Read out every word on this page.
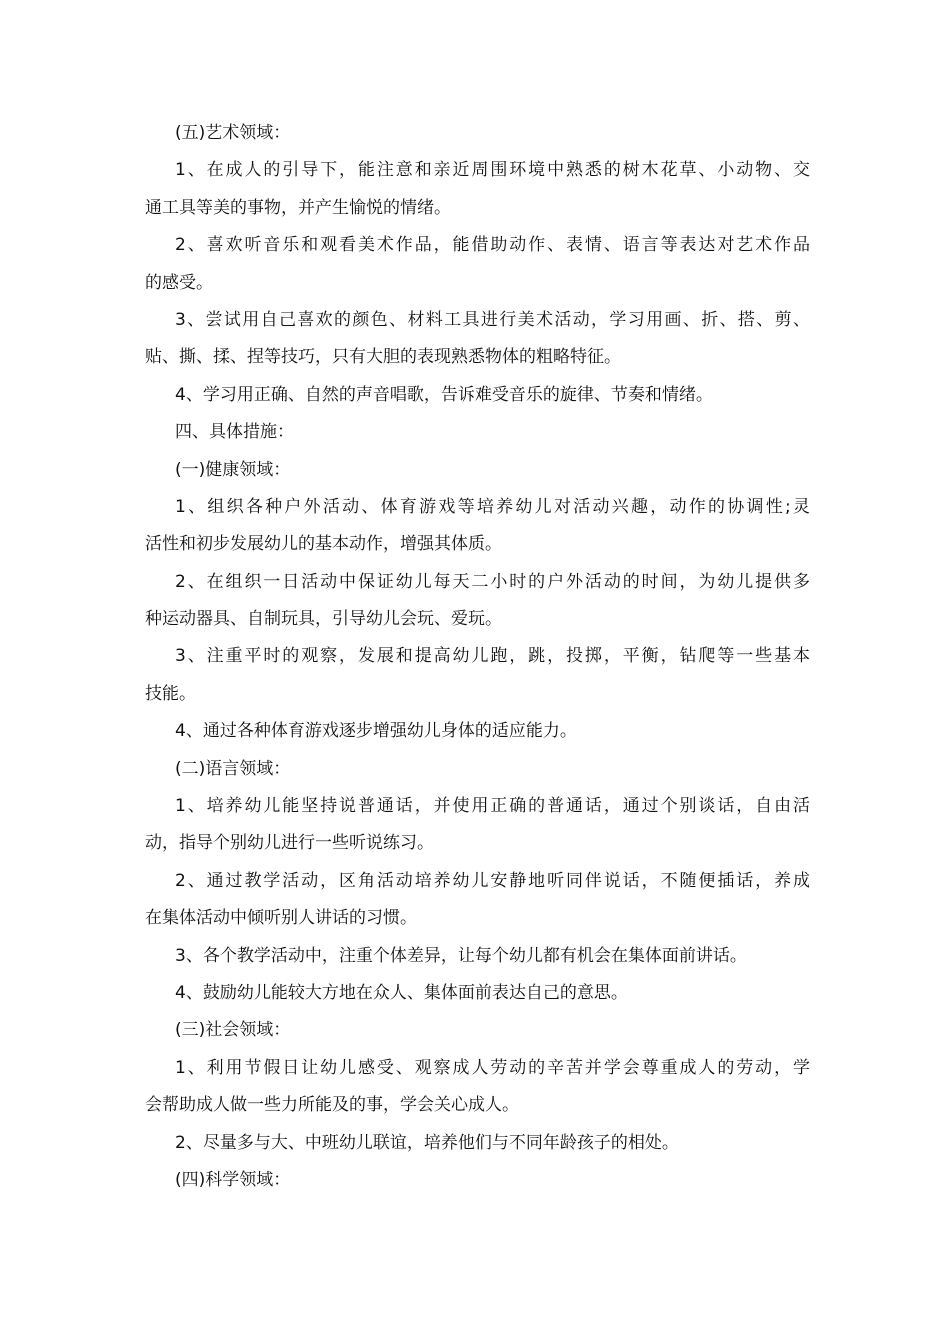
(五)艺术领域：
1、在成人的引导下，能注意和亲近周围环境中熟悉的树木花草、小动物、交
通工具等美的事物，并产生愉悦的情绪。
2、喜欢听音乐和观看美术作品，能借助动作、表情、语言等表达对艺术作品
的感受。
3、尝试用自己喜欢的颜色、材料工具进行美术活动，学习用画、折、搭、剪、
贴、撕、揉、捏等技巧，只有大胆的表现熟悉物体的粗略特征。
4、学习用正确、自然的声音唱歌，告诉难受音乐的旋律、节奏和情绪。
四、具体措施：
(一)健康领域：
1、组织各种户外活动、体育游戏等培养幼儿对活动兴趣，动作的协调性;灵
活性和初步发展幼儿的基本动作，增强其体质。
2、在组织一日活动中保证幼儿每天二小时的户外活动的时间，为幼儿提供多
种运动器具、自制玩具，引导幼儿会玩、爱玩。
3、注重平时的观察，发展和提高幼儿跑，跳，投掷，平衡，钻爬等一些基本
技能。
4、通过各种体育游戏逐步增强幼儿身体的适应能力。
(二)语言领域：
1、培养幼儿能坚持说普通话，并使用正确的普通话，通过个别谈话，自由活
动，指导个别幼儿进行一些听说练习。
2、通过教学活动，区角活动培养幼儿安静地听同伴说话，不随便插话，养成
在集体活动中倾听别人讲话的习惯。
3、各个教学活动中，注重个体差异，让每个幼儿都有机会在集体面前讲话。
4、鼓励幼儿能较大方地在众人、集体面前表达自己的意思。
(三)社会领域：
1、利用节假日让幼儿感受、观察成人劳动的辛苦并学会尊重成人的劳动，学
会帮助成人做一些力所能及的事，学会关心成人。
2、尽量多与大、中班幼儿联谊，培养他们与不同年龄孩子的相处。
(四)科学领域：
